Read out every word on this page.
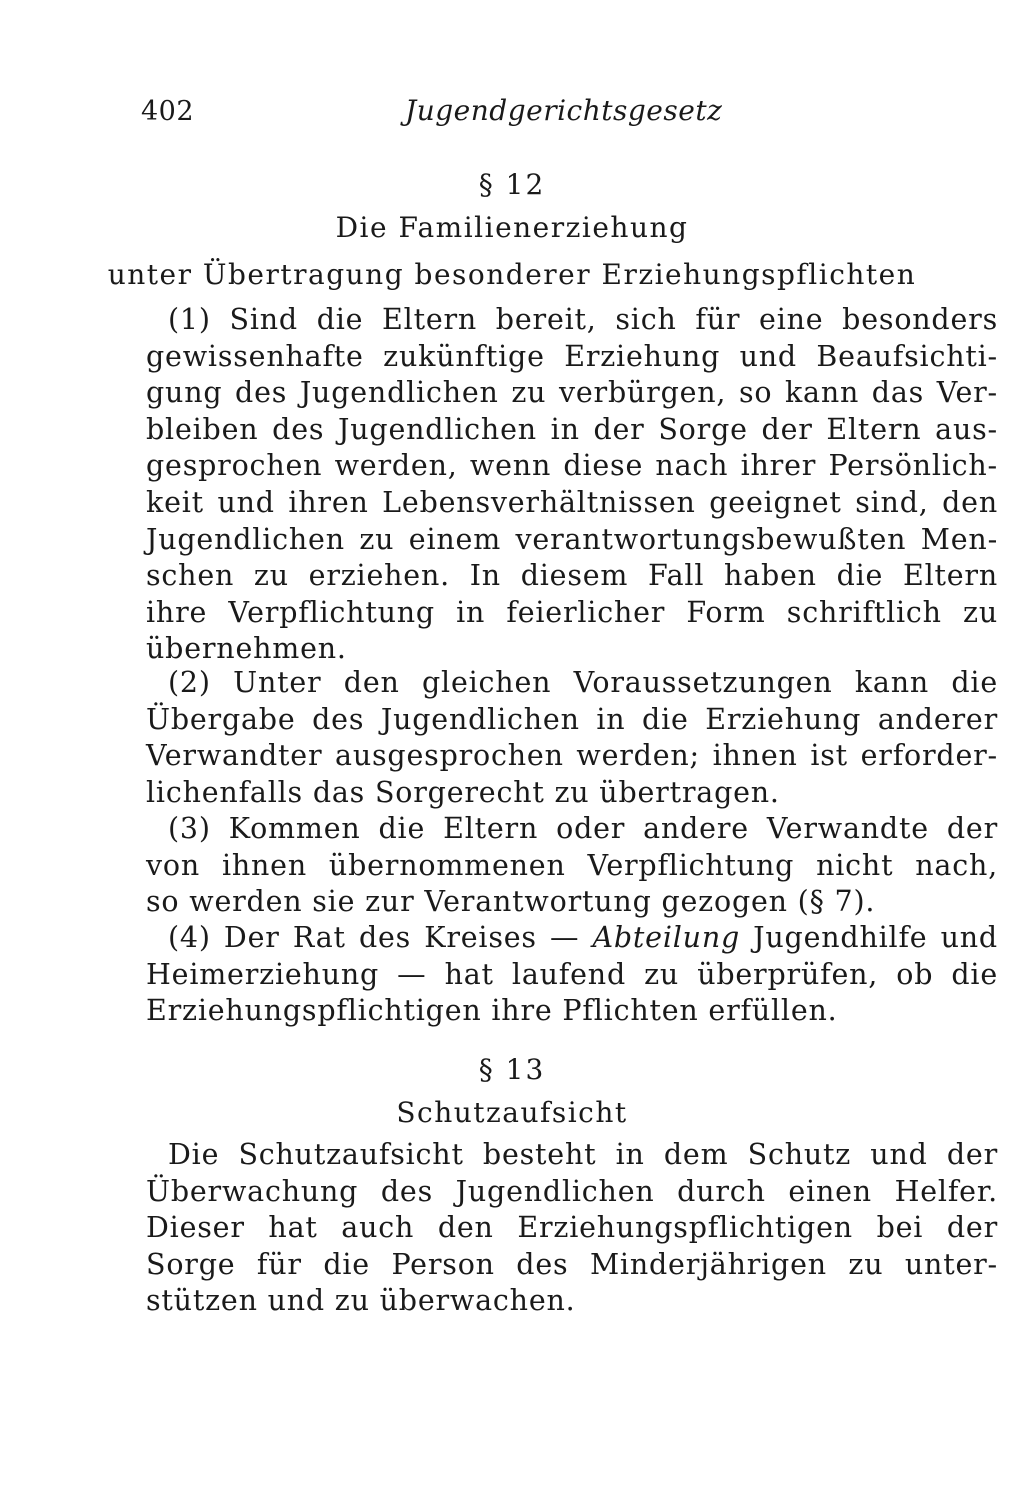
402	Jugendgerichtsgesetz
§ 12
Die Familienerziehung
unter Übertragung besonderer Erziehungspflichten
(1) Sind die Eltern bereit, sich für eine besonders
gewissenhafte zukünftige Erziehung und Beaufsichti-
gung des Jugendlichen zu verbürgen, so kann das Ver-
bleiben des Jugendlichen in der Sorge der Eltern aus-
gesprochen werden, wenn diese nach ihrer Persönlich-
keit und ihren Lebensverhältnissen geeignet sind, den
Jugendlichen zu einem verantwortungsbewußten Men-
schen zu erziehen. In diesem Fall haben die Eltern
ihre Verpflichtung in feierlicher Form schriftlich zu
übernehmen.
(2) Unter den gleichen Voraussetzungen kann die
Übergabe des Jugendlichen in die Erziehung anderer
Verwandter ausgesprochen werden; ihnen ist erforder-
lichenfalls das Sorgerecht zu übertragen.
(3) Kommen die Eltern oder andere Verwandte der
von ihnen übernommenen Verpflichtung nicht nach,
so werden sie zur Verantwortung gezogen (§ 7).
(4) Der Rat des Kreises — Abteilung Jugendhilfe und
Heimerziehung — hat laufend zu überprüfen, ob die
Erziehungspflichtigen ihre Pflichten erfüllen.
§ 13
Schutzaufsicht
Die Schutzaufsicht besteht in dem Schutz und der
Überwachung des Jugendlichen durch einen Helfer.
Dieser hat auch den Erziehungspflichtigen bei der
Sorge für die Person des Minderjährigen zu unter-
stützen und zu überwachen.
